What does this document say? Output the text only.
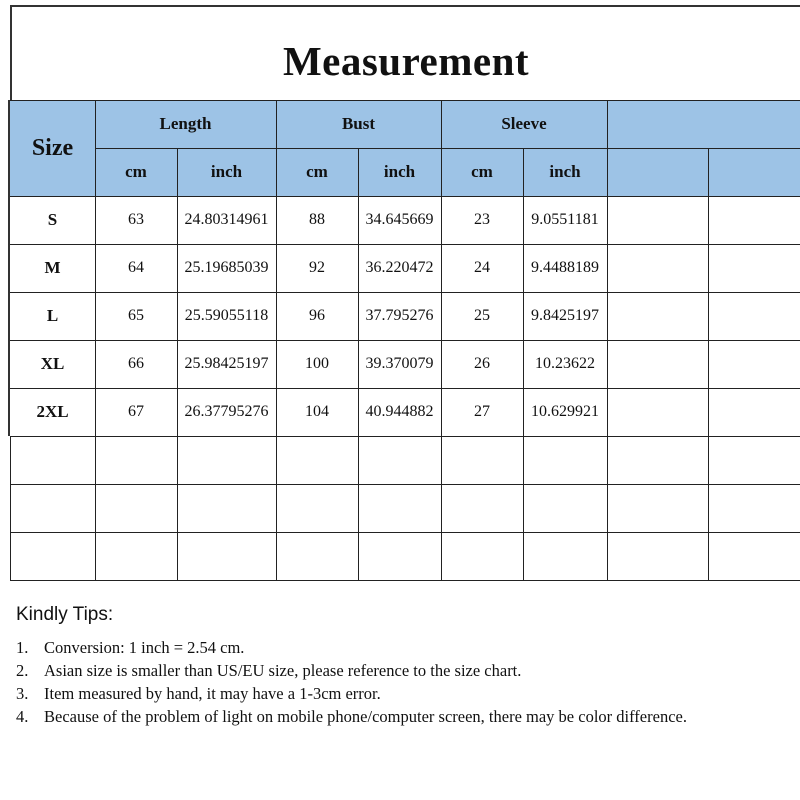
Measurement
Size
Length	Bust	Sleeve
cm	inch	cm	inch	cm	inch
S	63	24.80314961	88	34.645669	23	9.0551181
M	64	25.19685039	92	36.220472	24	9.4488189
L	65	25.59055118	96	37.795276	25	9.8425197
XL	66	25.98425197	100	39.370079	26	10.23622
2XL	67	26.37795276	104	40.944882	27	10.629921
Kindly Tips:
1. Conversion: 1 inch = 2.54 cm.
2. Asian size is smaller than US/EU size, please reference to the size chart.
3. Item measured by hand, it may have a 1-3cm error.
4. Because of the problem of light on mobile phone/computer screen, there may be color difference.
